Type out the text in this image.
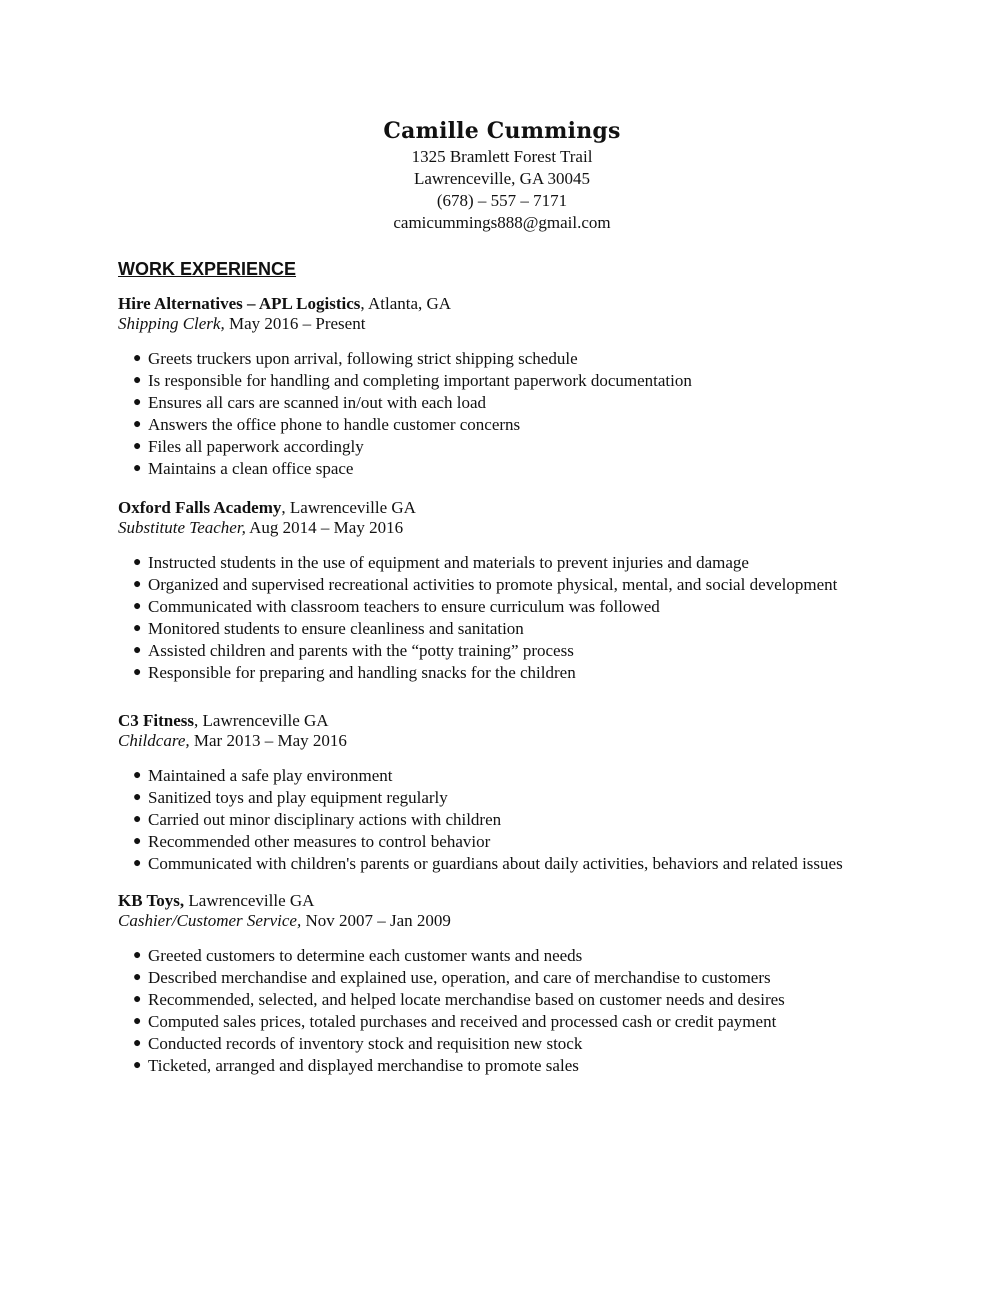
Camille Cummings

1325 Bramlett Forest Trail

Lawrenceville, GA 30045

(678) – 557 – 7171

camicummings888@gmail.com

WORK EXPERIENCE

Hire Alternatives – APL Logistics, Atlanta, GA

Shipping Clerk, May 2016 – Present

● Greets truckers upon arrival, following strict shipping schedule
● Is responsible for handling and completing important paperwork documentation
● Ensures all cars are scanned in/out with each load
● Answers the office phone to handle customer concerns
● Files all paperwork accordingly
● Maintains a clean office space

Oxford Falls Academy, Lawrenceville GA

Substitute Teacher, Aug 2014 – May 2016

● Instructed students in the use of equipment and materials to prevent injuries and damage
● Organized and supervised recreational activities to promote physical, mental, and social development
● Communicated with classroom teachers to ensure curriculum was followed
● Monitored students to ensure cleanliness and sanitation
● Assisted children and parents with the “potty training” process
● Responsible for preparing and handling snacks for the children

C3 Fitness, Lawrenceville GA

Childcare, Mar 2013 – May 2016

● Maintained a safe play environment
● Sanitized toys and play equipment regularly
● Carried out minor disciplinary actions with children
● Recommended other measures to control behavior
● Communicated with children's parents or guardians about daily activities, behaviors and related issues

KB Toys, Lawrenceville GA

Cashier/Customer Service, Nov 2007 – Jan 2009

● Greeted customers to determine each customer wants and needs
● Described merchandise and explained use, operation, and care of merchandise to customers
● Recommended, selected, and helped locate merchandise based on customer needs and desires
● Computed sales prices, totaled purchases and received and processed cash or credit payment
● Conducted records of inventory stock and requisition new stock
● Ticketed, arranged and displayed merchandise to promote sales
